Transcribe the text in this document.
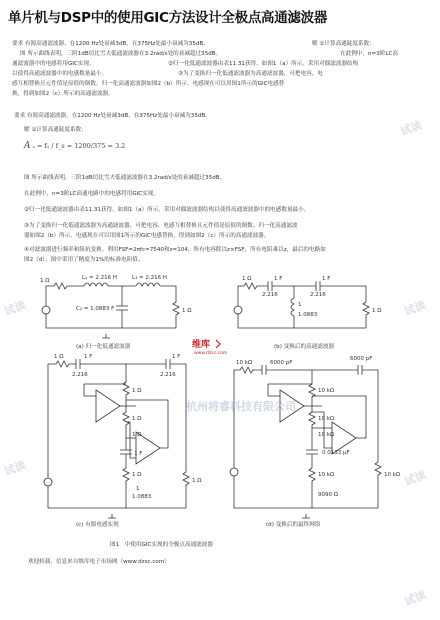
单片机与DSP中的使用GIC方法设计全极点高通滤波器
要求 有源高通滤波器，在1200 Hz处衰减3dB，在375Hz处最小衰减为35dB。	解 ①计算高通陡度系数：
图 所示曲线表明，三阶1dB切比雪夫低通滤波器在3.2rad/s处的衰减超过35dB。	在此例中，n=3阶LC高
通滤波器中的电感将用GIC实现。	②归一化低通滤波器由表11.31获得，如图1（a）所示。采用对偶滤波器结构
以使得高通滤波器中的电感数量最小。	③为了变换归一化低通滤波器为高通滤波器，可把电容、电
感互相替换且元件值是原值的倒数。归一化高通滤波器如图2（b）所示。电感现在可以用图1所示的GIC电感替
换，得到如图2（c）所示的高通滤波器。
要求 有源高通滤波器，在1200 Hz处衰减3dB，在375Hz处最小衰减为35dB。
解 ①计算高通陡度系数：
A ₛ = f₁ / f_s = 1200/375 = 3.2
图 所示曲线表明，三阶1dB切比雪夫低通滤波器在3.2rad/s处的衰减超过35dB。
在此例中，n=3阶LC高通电路中的电感将用GIC实现。
②归一化低通滤波器由表11.31获得，如图1（a）所示。采用对偶滤波器结构以使得高通滤波器中的电感数量最小。
③为了变换归一化低通滤波器为高通滤波器，可把电容、电感互相替换且元件值是原值的倒数。归一化高通滤波
器如图2（b）所示。电感现在可以用图1所示的GIC电感替换，得到如图2（c）所示的高通滤波器。
④对滤波器进行频率和阻抗变换。利用FSF=2πfc=7540和z=104，所有电容除以z×FSF，所有电阻乘以z，最后的电路如
图2（d），图中采用了精度为1%的标准电阻值。
试读
试读	试读
试读
试读
试读
1 Ω	L₁ = 2.216 H	L₃ = 2.216 H
C₂ = 1.0883 F	1 Ω
(a) 归一化低通滤波器
1 Ω	1 F
2.216
1 F
2.216
1
1.0883
1 Ω
(b) 变换后的高通滤波器
1 Ω	1 F
2.216
1 F
2.216
1 Ω
1 Ω
1 Ω
1 F
1 Ω
1
1.0883
1 Ω
(c) 有源电感实现
10 kΩ	6000 pF
6000 pF
10 kΩ
10 kΩ
10 kΩ
0.0133 μF
10 kΩ
9090 Ω
10 kΩ
(d) 变换后的最终网络
杭州将睿科技有限公司
维库
www.dzsc.com
图1　中使用GIC实现的全极点高通滤波器
欢迎转载，信息来自维库电子市场网（www.dzsc.com）
